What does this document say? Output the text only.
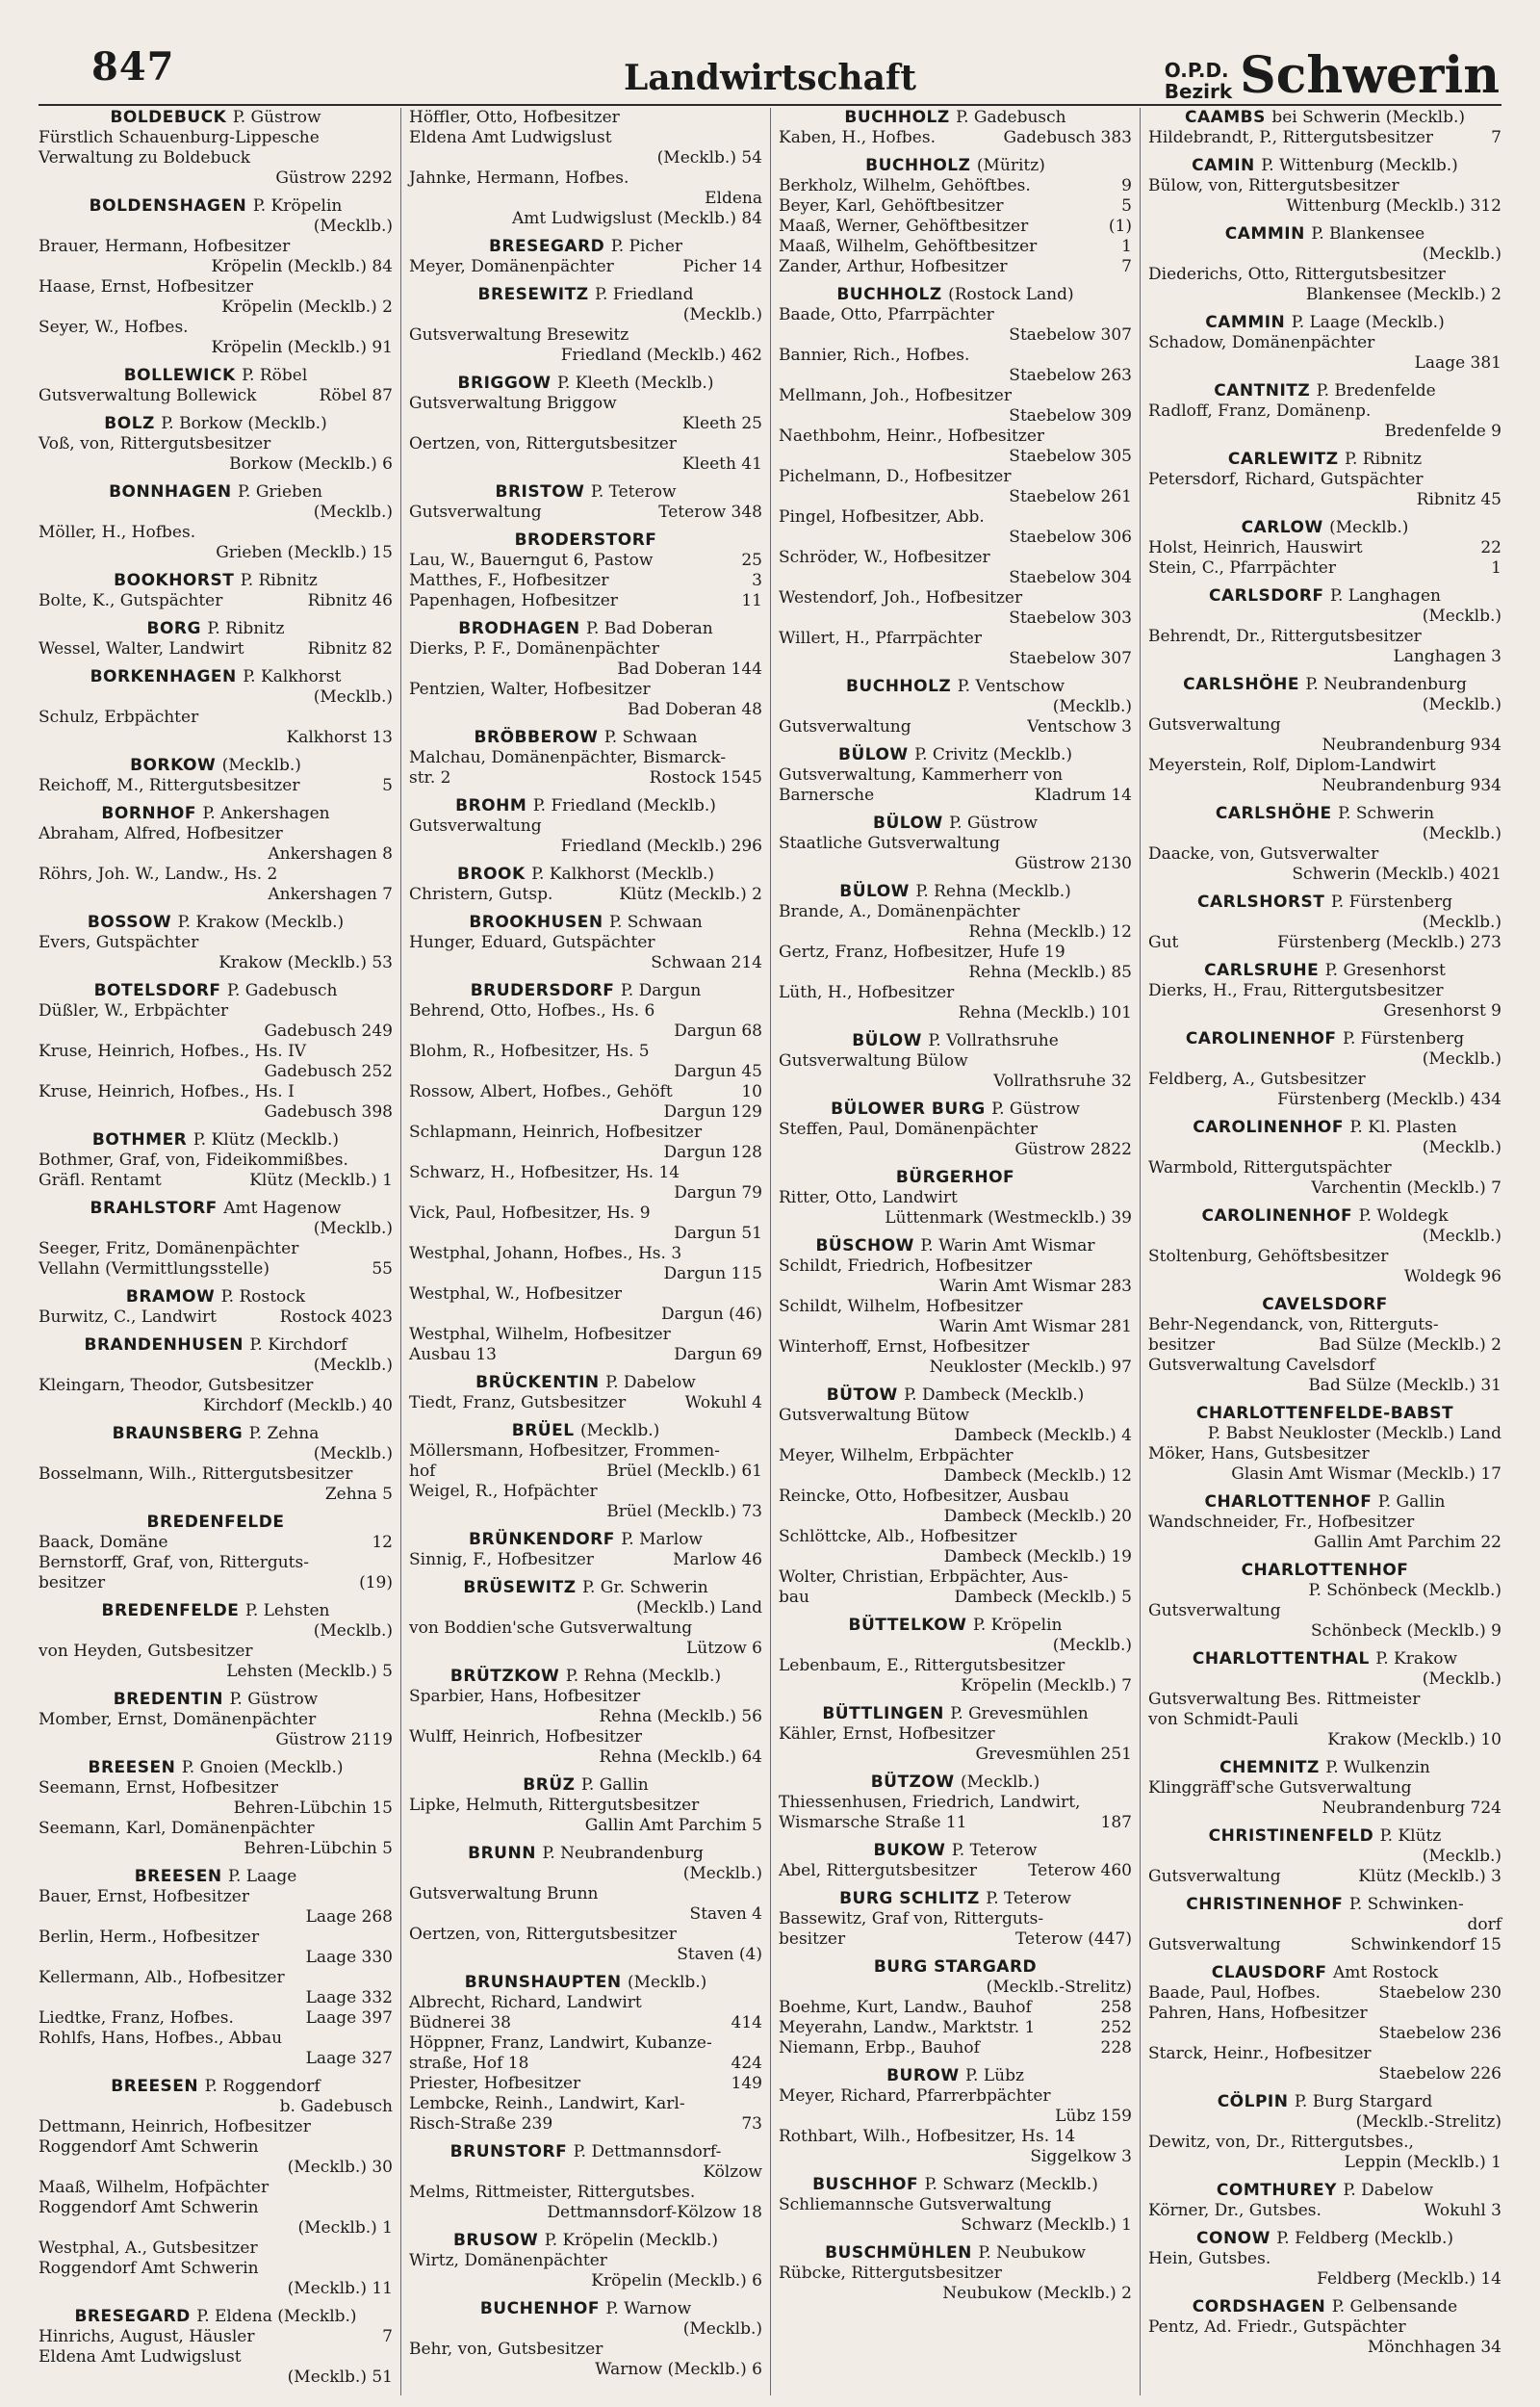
847	Landwirtschaft	O.P.D.
Bezirk Schwerin
BOLDEBUCK P. Güstrow
Fürstlich Schauenburg-Lippesche
Verwaltung zu Boldebuck
Güstrow 2292
BOLDENSHAGEN P. Kröpelin
(Mecklb.)
Brauer, Hermann, Hofbesitzer
Kröpelin (Mecklb.) 84
Haase, Ernst, Hofbesitzer
Kröpelin (Mecklb.) 2
Seyer, W., Hofbes.
Kröpelin (Mecklb.) 91
BOLLEWICK P. Röbel
Gutsverwaltung Bollewick	Röbel 87
BOLZ P. Borkow (Mecklb.)
Voß, von, Rittergutsbesitzer
Borkow (Mecklb.) 6
BONNHAGEN P. Grieben
(Mecklb.)
Möller, H., Hofbes.
Grieben (Mecklb.) 15
BOOKHORST P. Ribnitz
Bolte, K., Gutspächter	Ribnitz 46
BORG P. Ribnitz
Wessel, Walter, Landwirt	Ribnitz 82
BORKENHAGEN P. Kalkhorst
(Mecklb.)
Schulz, Erbpächter
Kalkhorst 13
BORKOW (Mecklb.)
Reichoff, M., Rittergutsbesitzer	5
BORNHOF P. Ankershagen
Abraham, Alfred, Hofbesitzer
Ankershagen 8
Röhrs, Joh. W., Landw., Hs. 2
Ankershagen 7
BOSSOW P. Krakow (Mecklb.)
Evers, Gutspächter
Krakow (Mecklb.) 53
BOTELSDORF P. Gadebusch
Düßler, W., Erbpächter
Gadebusch 249
Kruse, Heinrich, Hofbes., Hs. IV
Gadebusch 252
Kruse, Heinrich, Hofbes., Hs. I
Gadebusch 398
BOTHMER P. Klütz (Mecklb.)
Bothmer, Graf, von, Fideikommißbes.
Gräfl. Rentamt	Klütz (Mecklb.) 1
BRAHLSTORF Amt Hagenow
(Mecklb.)
Seeger, Fritz, Domänenpächter
Vellahn (Vermittlungsstelle)	55
BRAMOW P. Rostock
Burwitz, C., Landwirt	Rostock 4023
BRANDENHUSEN P. Kirchdorf
(Mecklb.)
Kleingarn, Theodor, Gutsbesitzer
Kirchdorf (Mecklb.) 40
BRAUNSBERG P. Zehna
(Mecklb.)
Bosselmann, Wilh., Rittergutsbesitzer
Zehna 5
BREDENFELDE
Baack, Domäne	12
Bernstorff, Graf, von, Ritterguts-
besitzer	(19)
BREDENFELDE P. Lehsten
(Mecklb.)
von Heyden, Gutsbesitzer
Lehsten (Mecklb.) 5
BREDENTIN P. Güstrow
Momber, Ernst, Domänenpächter
Güstrow 2119
BREESEN P. Gnoien (Mecklb.)
Seemann, Ernst, Hofbesitzer
Behren-Lübchin 15
Seemann, Karl, Domänenpächter
Behren-Lübchin 5
BREESEN P. Laage
Bauer, Ernst, Hofbesitzer
Laage 268
Berlin, Herm., Hofbesitzer
Laage 330
Kellermann, Alb., Hofbesitzer
Laage 332
Liedtke, Franz, Hofbes.	Laage 397
Rohlfs, Hans, Hofbes., Abbau
Laage 327
BREESEN P. Roggendorf
b. Gadebusch
Dettmann, Heinrich, Hofbesitzer
Roggendorf Amt Schwerin
(Mecklb.) 30
Maaß, Wilhelm, Hofpächter
Roggendorf Amt Schwerin
(Mecklb.) 1
Westphal, A., Gutsbesitzer
Roggendorf Amt Schwerin
(Mecklb.) 11
BRESEGARD P. Eldena (Mecklb.)
Hinrichs, August, Häusler	7
Eldena Amt Ludwigslust
(Mecklb.) 51
Höffler, Otto, Hofbesitzer
Eldena Amt Ludwigslust
(Mecklb.) 54
Jahnke, Hermann, Hofbes.
Eldena
Amt Ludwigslust (Mecklb.) 84
BRESEGARD P. Picher
Meyer, Domänenpächter	Picher 14
BRESEWITZ P. Friedland
(Mecklb.)
Gutsverwaltung Bresewitz
Friedland (Mecklb.) 462
BRIGGOW P. Kleeth (Mecklb.)
Gutsverwaltung Briggow
Kleeth 25
Oertzen, von, Rittergutsbesitzer
Kleeth 41
BRISTOW P. Teterow
Gutsverwaltung	Teterow 348
BRODERSTORF
Lau, W., Bauerngut 6, Pastow	25
Matthes, F., Hofbesitzer	3
Papenhagen, Hofbesitzer	11
BRODHAGEN P. Bad Doberan
Dierks, P. F., Domänenpächter
Bad Doberan 144
Pentzien, Walter, Hofbesitzer
Bad Doberan 48
BRÖBBEROW P. Schwaan
Malchau, Domänenpächter, Bismarck-
str. 2	Rostock 1545
BROHM P. Friedland (Mecklb.)
Gutsverwaltung
Friedland (Mecklb.) 296
BROOK P. Kalkhorst (Mecklb.)
Christern, Gutsp.	Klütz (Mecklb.) 2
BROOKHUSEN P. Schwaan
Hunger, Eduard, Gutspächter
Schwaan 214
BRUDERSDORF P. Dargun
Behrend, Otto, Hofbes., Hs. 6
Dargun 68
Blohm, R., Hofbesitzer, Hs. 5
Dargun 45
Rossow, Albert, Hofbes., Gehöft	10
Dargun 129
Schlapmann, Heinrich, Hofbesitzer
Dargun 128
Schwarz, H., Hofbesitzer, Hs. 14
Dargun 79
Vick, Paul, Hofbesitzer, Hs. 9
Dargun 51
Westphal, Johann, Hofbes., Hs. 3
Dargun 115
Westphal, W., Hofbesitzer
Dargun (46)
Westphal, Wilhelm, Hofbesitzer
Ausbau 13	Dargun 69
BRÜCKENTIN P. Dabelow
Tiedt, Franz, Gutsbesitzer	Wokuhl 4
BRÜEL (Mecklb.)
Möllersmann, Hofbesitzer, Frommen-
hof	Brüel (Mecklb.) 61
Weigel, R., Hofpächter
Brüel (Mecklb.) 73
BRÜNKENDORF P. Marlow
Sinnig, F., Hofbesitzer	Marlow 46
BRÜSEWITZ P. Gr. Schwerin
(Mecklb.) Land
von Boddien'sche Gutsverwaltung
Lützow 6
BRÜTZKOW P. Rehna (Mecklb.)
Sparbier, Hans, Hofbesitzer
Rehna (Mecklb.) 56
Wulff, Heinrich, Hofbesitzer
Rehna (Mecklb.) 64
BRÜZ P. Gallin
Lipke, Helmuth, Rittergutsbesitzer
Gallin Amt Parchim 5
BRUNN P. Neubrandenburg
(Mecklb.)
Gutsverwaltung Brunn
Staven 4
Oertzen, von, Rittergutsbesitzer
Staven (4)
BRUNSHAUPTEN (Mecklb.)
Albrecht, Richard, Landwirt
Büdnerei 38	414
Höppner, Franz, Landwirt, Kubanze-
straße, Hof 18	424
Priester, Hofbesitzer	149
Lembcke, Reinh., Landwirt, Karl-
Risch-Straße 239	73
BRUNSTORF P. Dettmannsdorf-
Kölzow
Melms, Rittmeister, Rittergutsbes.
Dettmannsdorf-Kölzow 18
BRUSOW P. Kröpelin (Mecklb.)
Wirtz, Domänenpächter
Kröpelin (Mecklb.) 6
BUCHENHOF P. Warnow
(Mecklb.)
Behr, von, Gutsbesitzer
Warnow (Mecklb.) 6
BUCHHOLZ P. Gadebusch
Kaben, H., Hofbes.	Gadebusch 383
BUCHHOLZ (Müritz)
Berkholz, Wilhelm, Gehöftbes.	9
Beyer, Karl, Gehöftbesitzer	5
Maaß, Werner, Gehöftbesitzer	(1)
Maaß, Wilhelm, Gehöftbesitzer	1
Zander, Arthur, Hofbesitzer	7
BUCHHOLZ (Rostock Land)
Baade, Otto, Pfarrpächter
Staebelow 307
Bannier, Rich., Hofbes.
Staebelow 263
Mellmann, Joh., Hofbesitzer
Staebelow 309
Naethbohm, Heinr., Hofbesitzer
Staebelow 305
Pichelmann, D., Hofbesitzer
Staebelow 261
Pingel, Hofbesitzer, Abb.
Staebelow 306
Schröder, W., Hofbesitzer
Staebelow 304
Westendorf, Joh., Hofbesitzer
Staebelow 303
Willert, H., Pfarrpächter
Staebelow 307
BUCHHOLZ P. Ventschow
(Mecklb.)
Gutsverwaltung	Ventschow 3
BÜLOW P. Crivitz (Mecklb.)
Gutsverwaltung, Kammerherr von
Barnersche	Kladrum 14
BÜLOW P. Güstrow
Staatliche Gutsverwaltung
Güstrow 2130
BÜLOW P. Rehna (Mecklb.)
Brande, A., Domänenpächter
Rehna (Mecklb.) 12
Gertz, Franz, Hofbesitzer, Hufe 19
Rehna (Mecklb.) 85
Lüth, H., Hofbesitzer
Rehna (Mecklb.) 101
BÜLOW P. Vollrathsruhe
Gutsverwaltung Bülow
Vollrathsruhe 32
BÜLOWER BURG P. Güstrow
Steffen, Paul, Domänenpächter
Güstrow 2822
BÜRGERHOF
Ritter, Otto, Landwirt
Lüttenmark (Westmecklb.) 39
BÜSCHOW P. Warin Amt Wismar
Schildt, Friedrich, Hofbesitzer
Warin Amt Wismar 283
Schildt, Wilhelm, Hofbesitzer
Warin Amt Wismar 281
Winterhoff, Ernst, Hofbesitzer
Neukloster (Mecklb.) 97
BÜTOW P. Dambeck (Mecklb.)
Gutsverwaltung Bütow
Dambeck (Mecklb.) 4
Meyer, Wilhelm, Erbpächter
Dambeck (Mecklb.) 12
Reincke, Otto, Hofbesitzer, Ausbau
Dambeck (Mecklb.) 20
Schlöttcke, Alb., Hofbesitzer
Dambeck (Mecklb.) 19
Wolter, Christian, Erbpächter, Aus-
bau	Dambeck (Mecklb.) 5
BÜTTELKOW P. Kröpelin
(Mecklb.)
Lebenbaum, E., Rittergutsbesitzer
Kröpelin (Mecklb.) 7
BÜTTLINGEN P. Grevesmühlen
Kähler, Ernst, Hofbesitzer
Grevesmühlen 251
BÜTZOW (Mecklb.)
Thiessenhusen, Friedrich, Landwirt,
Wismarsche Straße 11	187
BUKOW P. Teterow
Abel, Rittergutsbesitzer	Teterow 460
BURG SCHLITZ P. Teterow
Bassewitz, Graf von, Ritterguts-
besitzer	Teterow (447)
BURG STARGARD
(Mecklb.-Strelitz)
Boehme, Kurt, Landw., Bauhof	258
Meyerahn, Landw., Marktstr. 1	252
Niemann, Erbp., Bauhof	228
BUROW P. Lübz
Meyer, Richard, Pfarrerbpächter
Lübz 159
Rothbart, Wilh., Hofbesitzer, Hs. 14
Siggelkow 3
BUSCHHOF P. Schwarz (Mecklb.)
Schliemannsche Gutsverwaltung
Schwarz (Mecklb.) 1
BUSCHMÜHLEN P. Neubukow
Rübcke, Rittergutsbesitzer
Neubukow (Mecklb.) 2
CAAMBS bei Schwerin (Mecklb.)
Hildebrandt, P., Rittergutsbesitzer	7
CAMIN P. Wittenburg (Mecklb.)
Bülow, von, Rittergutsbesitzer
Wittenburg (Mecklb.) 312
CAMMIN P. Blankensee
(Mecklb.)
Diederichs, Otto, Rittergutsbesitzer
Blankensee (Mecklb.) 2
CAMMIN P. Laage (Mecklb.)
Schadow, Domänenpächter
Laage 381
CANTNITZ P. Bredenfelde
Radloff, Franz, Domänenp.
Bredenfelde 9
CARLEWITZ P. Ribnitz
Petersdorf, Richard, Gutspächter
Ribnitz 45
CARLOW (Mecklb.)
Holst, Heinrich, Hauswirt	22
Stein, C., Pfarrpächter	1
CARLSDORF P. Langhagen
(Mecklb.)
Behrendt, Dr., Rittergutsbesitzer
Langhagen 3
CARLSHÖHE P. Neubrandenburg
(Mecklb.)
Gutsverwaltung
Neubrandenburg 934
Meyerstein, Rolf, Diplom-Landwirt
Neubrandenburg 934
CARLSHÖHE P. Schwerin
(Mecklb.)
Daacke, von, Gutsverwalter
Schwerin (Mecklb.) 4021
CARLSHORST P. Fürstenberg
(Mecklb.)
Gut	Fürstenberg (Mecklb.) 273
CARLSRUHE P. Gresenhorst
Dierks, H., Frau, Rittergutsbesitzer
Gresenhorst 9
CAROLINENHOF P. Fürstenberg
(Mecklb.)
Feldberg, A., Gutsbesitzer
Fürstenberg (Mecklb.) 434
CAROLINENHOF P. Kl. Plasten
(Mecklb.)
Warmbold, Rittergutspächter
Varchentin (Mecklb.) 7
CAROLINENHOF P. Woldegk
(Mecklb.)
Stoltenburg, Gehöftsbesitzer
Woldegk 96
CAVELSDORF
Behr-Negendanck, von, Ritterguts-
besitzer	Bad Sülze (Mecklb.) 2
Gutsverwaltung Cavelsdorf
Bad Sülze (Mecklb.) 31
CHARLOTTENFELDE-BABST
P. Babst Neukloster (Mecklb.) Land
Möker, Hans, Gutsbesitzer
Glasin Amt Wismar (Mecklb.) 17
CHARLOTTENHOF P. Gallin
Wandschneider, Fr., Hofbesitzer
Gallin Amt Parchim 22
CHARLOTTENHOF
P. Schönbeck (Mecklb.)
Gutsverwaltung
Schönbeck (Mecklb.) 9
CHARLOTTENTHAL P. Krakow
(Mecklb.)
Gutsverwaltung Bes. Rittmeister
von Schmidt-Pauli
Krakow (Mecklb.) 10
CHEMNITZ P. Wulkenzin
Klinggräff'sche Gutsverwaltung
Neubrandenburg 724
CHRISTINENFELD P. Klütz
(Mecklb.)
Gutsverwaltung	Klütz (Mecklb.) 3
CHRISTINENHOF P. Schwinken-
dorf
Gutsverwaltung	Schwinkendorf 15
CLAUSDORF Amt Rostock
Baade, Paul, Hofbes.	Staebelow 230
Pahren, Hans, Hofbesitzer
Staebelow 236
Starck, Heinr., Hofbesitzer
Staebelow 226
CÖLPIN P. Burg Stargard
(Mecklb.-Strelitz)
Dewitz, von, Dr., Rittergutsbes.,
Leppin (Mecklb.) 1
COMTHUREY P. Dabelow
Körner, Dr., Gutsbes.	Wokuhl 3
CONOW P. Feldberg (Mecklb.)
Hein, Gutsbes.
Feldberg (Mecklb.) 14
CORDSHAGEN P. Gelbensande
Pentz, Ad. Friedr., Gutspächter
Mönchhagen 34
